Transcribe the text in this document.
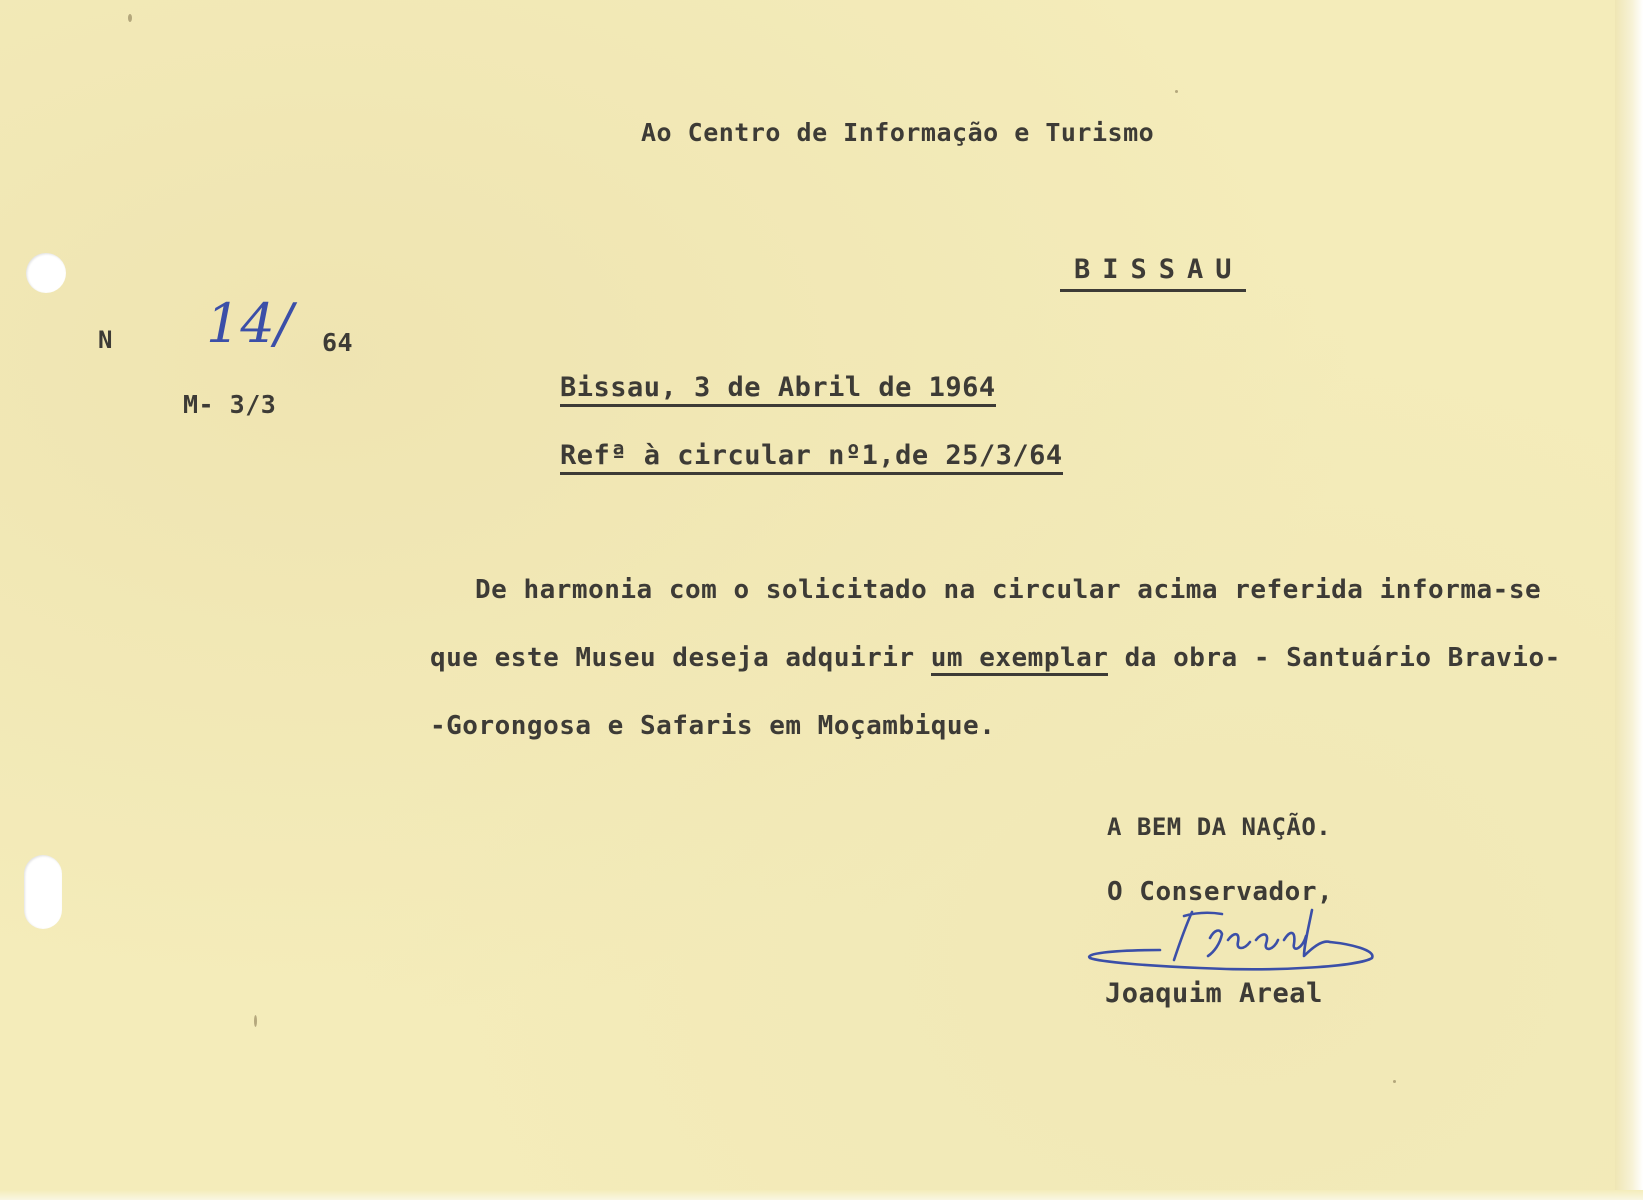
Ao Centro de Informação e Turismo
BISSAU
N 14/ 64
M- 3/3
Bissau, 3 de Abril de 1964
Refª à circular nº1,de 25/3/64
De harmonia com o solicitado na circular acima referida informa-se
que este Museu deseja adquirir um exemplar da obra - Santuário Bravio-
-Gorongosa e Safaris em Moçambique.
A BEM DA NAÇÃO.
O Conservador,
Joaquim Areal
